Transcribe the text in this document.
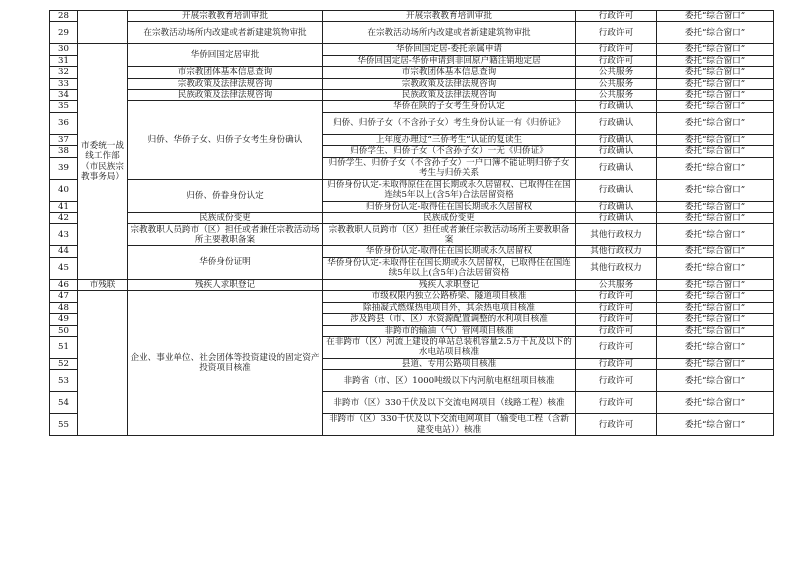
28		开展宗教教育培训审批	开展宗教教育培训审批	行政许可	委托“综合窗口”
29		在宗教活动场所内改建或者新建建筑物审批	在宗教活动场所内改建或者新建建筑物审批	行政许可	委托“综合窗口”
30	市委统一战线工作部（市民族宗教事务局）	华侨回国定居审批	华侨回国定居-委托亲属申请	行政许可	委托“综合窗口”
31			华侨回国定居-华侨申请到非回原户籍注销地定居	行政许可	委托“综合窗口”
32		市宗教团体基本信息查询	市宗教团体基本信息查询	公共服务	委托“综合窗口”
33		宗教政策及法律法规咨询	宗教政策及法律法规咨询	公共服务	委托“综合窗口”
34		民族政策及法律法规咨询	民族政策及法律法规咨询	公共服务	委托“综合窗口”
35		归侨、华侨子女、归侨子女考生身份确认	华侨在陕的子女考生身份认定	行政确认	委托“综合窗口”
36			归侨、归侨子女（不含孙子女）考生身份认证一有《归侨证》	行政确认	委托“综合窗口”
37			上年度办理过“三侨考生”认证的复读生	行政确认	委托“综合窗口”
38			归侨学生、归侨子女（不含孙子女）一无《归侨证》	行政确认	委托“综合窗口”
39			归侨学生、归侨子女（不含孙子女）一户口簿不能证明归侨子女考生与归侨关系	行政确认	委托“综合窗口”
40		归侨、侨眷身份认定	归侨身份认定-未取得原住在国长期或永久居留权、已取得住在国连续5年以上(含5年)合法居留资格	行政确认	委托“综合窗口”
41			归侨身份认定-取得住在国长期或永久居留权	行政确认	委托“综合窗口”
42		民族成份变更	民族成份变更	行政确认	委托“综合窗口”
43		宗教教职人员跨市（区）担任或者兼任宗教活动场所主要教职备案	宗教教职人员跨市（区）担任或者兼任宗教活动场所主要教职备案	其他行政权力	委托“综合窗口”
44		华侨身份证明	华侨身份认定-取得住在国长期或永久居留权	其他行政权力	委托“综合窗口”
45			华侨身份认定-未取得住在国长期或永久居留权，已取得住在国连续5年以上(含5年)合法居留资格	其他行政权力	委托“综合窗口”
46	市残联	残疾人求职登记	残疾人求职登记	公共服务	委托“综合窗口”
47		企业、事业单位、社会团体等投资建设的固定资产投资项目核准	市级权限内独立公路桥梁、隧道项目核准	行政许可	委托“综合窗口”
48			除抽凝式燃煤热电项目外，其余热电项目核准	行政许可	委托“综合窗口”
49			涉及跨县（市、区）水资源配置调整的水利项目核准	行政许可	委托“综合窗口”
50			非跨市的输油（气）管网项目核准	行政许可	委托“综合窗口”
51			在非跨市（区）河流上建设的单站总装机容量2.5万千瓦及以下的水电站项目核准	行政许可	委托“综合窗口”
52			县道、专用公路项目核准	行政许可	委托“综合窗口”
53			非跨省（市、区）1000吨级以下内河航电枢纽项目核准	行政许可	委托“综合窗口”
54			非跨市（区）330千伏及以下交流电网项目（线路工程）核准	行政许可	委托“综合窗口”
55			非跨市（区）330千伏及以下交流电网项目（输变电工程（含新建变电站））核准	行政许可	委托“综合窗口”
